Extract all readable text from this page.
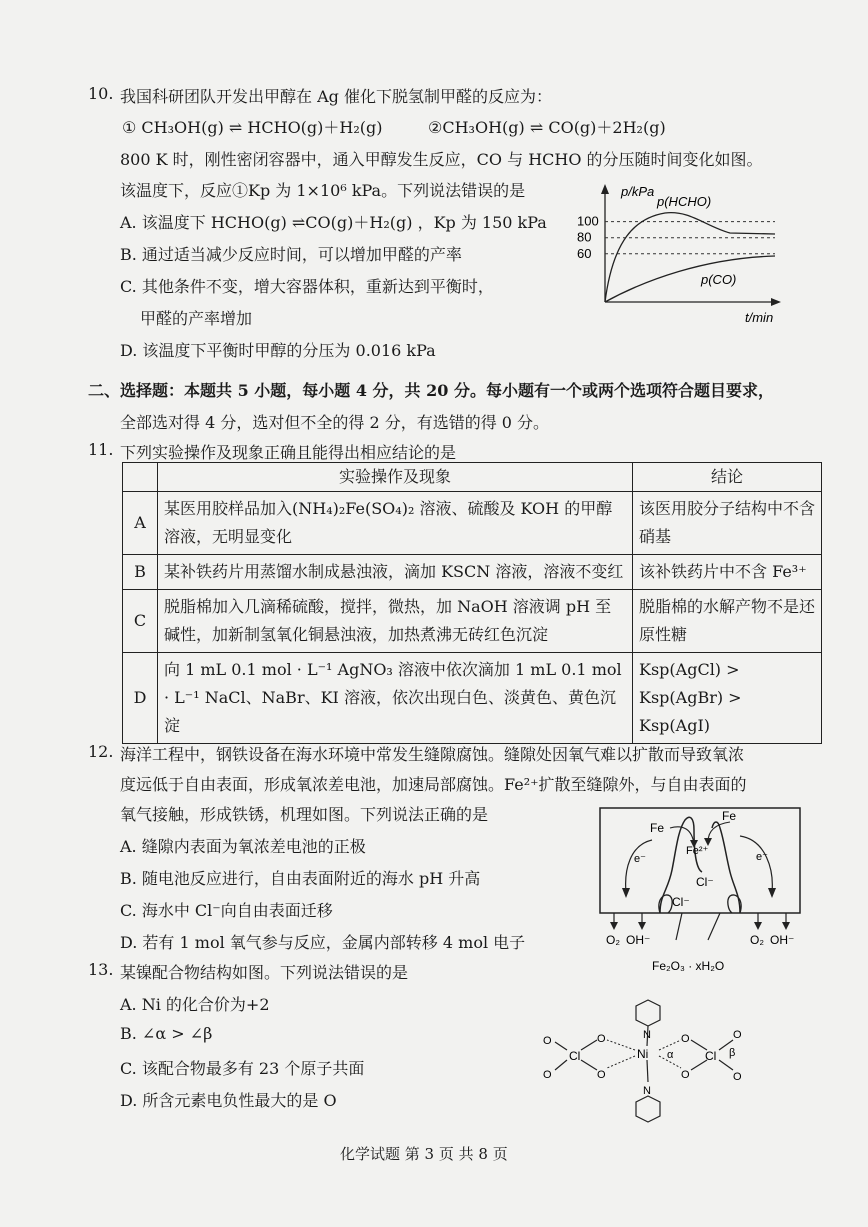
10. 我国科研团队开发出甲醇在 Ag 催化下脱氢制甲醛的反应为：
① CH₃OH(g) ⇌ HCHO(g)＋H₂(g)	②CH₃OH(g) ⇌ CO(g)＋2H₂(g)
800 K 时，刚性密闭容器中，通入甲醇发生反应，CO 与 HCHO 的分压随时间变化如图。
该温度下，反应①Kp 为 1×10⁶ kPa。下列说法错误的是
A. 该温度下 HCHO(g) ⇌CO(g)＋H₂(g) ，Kp 为 150 kPa
B. 通过适当减少反应时间，可以增加甲醛的产率
C. 其他条件不变，增大容器体积，重新达到平衡时，
甲醛的产率增加
D. 该温度下平衡时甲醇的分压为 0.016 kPa
p/kPa
t/min
100
80
60
p(HCHO)
p(CO)
二、选择题：本题共 5 小题，每小题 4 分，共 20 分。每小题有一个或两个选项符合题目要求，
全部选对得 4 分，选对但不全的得 2 分，有选错的得 0 分。
11. 下列实验操作及现象正确且能得出相应结论的是
	实验操作及现象	结论
A	某医用胶样品加入(NH₄)₂Fe(SO₄)₂ 溶液、硫酸及 KOH 的甲醇溶液，无明显变化	该医用胶分子结构中不含硝基
B	某补铁药片用蒸馏水制成悬浊液，滴加 KSCN 溶液，溶液不变红	该补铁药片中不含 Fe³⁺
C	脱脂棉加入几滴稀硫酸，搅拌，微热，加 NaOH 溶液调 pH 至碱性，加新制氢氧化铜悬浊液，加热煮沸无砖红色沉淀	脱脂棉的水解产物不是还原性糖
D	向 1 mL 0.1 mol · L⁻¹ AgNO₃ 溶液中依次滴加 1 mL 0.1 mol · L⁻¹ NaCl、NaBr、KI 溶液，依次出现白色、淡黄色、黄色沉淀	Ksp(AgCl) > Ksp(AgBr) > Ksp(AgI)
12. 海洋工程中，钢铁设备在海水环境中常发生缝隙腐蚀。缝隙处因氧气难以扩散而导致氧浓
度远低于自由表面，形成氧浓差电池，加速局部腐蚀。Fe²⁺扩散至缝隙外，与自由表面的
氧气接触，形成铁锈，机理如图。下列说法正确的是
A. 缝隙内表面为氧浓差电池的正极
B. 随电池反应进行，自由表面附近的海水 pH 升高
C. 海水中 Cl⁻向自由表面迁移
D. 若有 1 mol 氧气参与反应，金属内部转移 4 mol 电子
Fe
Fe
Fe²⁺
e⁻	e⁻
Cl⁻
Cl⁻
O₂ OH⁻	O₂ OH⁻
Fe₂O₃ · xH₂O
13. 某镍配合物结构如图。下列说法错误的是
A. Ni 的化合价为+2
B. ∠α > ∠β
C. 该配合物最多有 23 个原子共面
D. 所含元素电负性最大的是 O
N
N
Ni
O
O
Cl
O
O
α
O
O
Cl β
O
O
化学试题 第 3 页 共 8 页
